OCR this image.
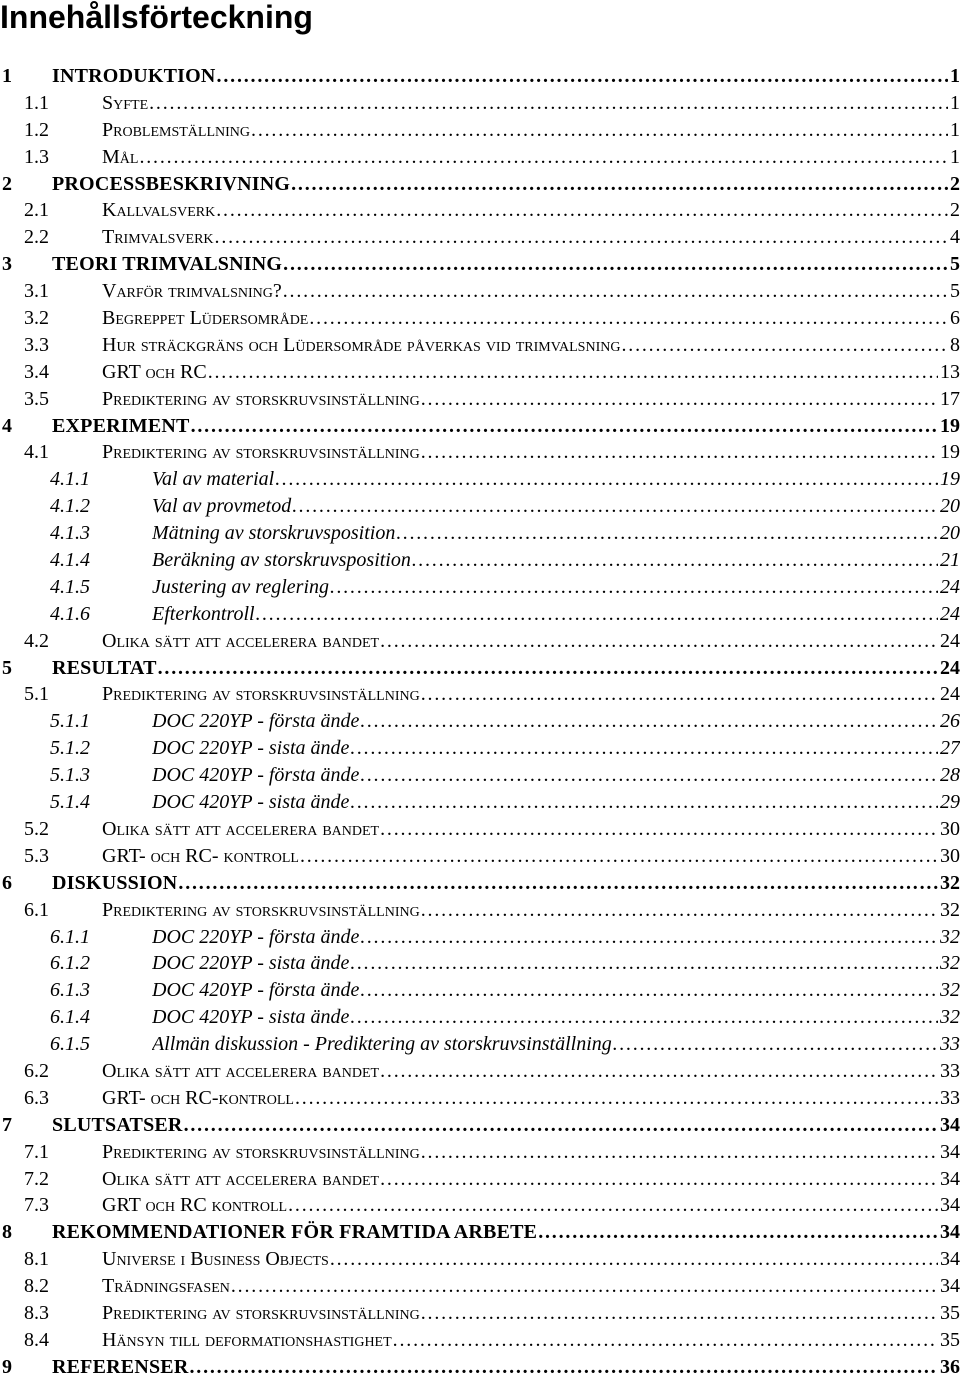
Innehållsförteckning
1 INTRODUKTION . . .	1
1.1	Syfte . . .	1
1.2	Problemställning . . .	1
1.3	Mål . . .	1
2 PROCESSBESKRIVNING . . .	2
2.1	Kallvalsverk . . .	2
2.2	Trimvalsverk . . .	4
3 TEORI TRIMVALSNING . . .	5
3.1	Varför trimvalsning? . . .	5
3.2	Begreppet Lüdersområde . . .	6
3.3	Hur sträckgräns och Lüdersområde påverkas vid trimvalsning . . .	8
3.4	GRT och RC . . .	13
3.5	Prediktering av storskruvsinställning . . .	17
4 EXPERIMENT . . .	19
4.1	Prediktering av storskruvsinställning . . .	19
4.1.1	Val av material . . .	19
4.1.2	Val av provmetod . . .	20
4.1.3	Mätning av storskruvsposition . . .	20
4.1.4	Beräkning av storskruvsposition . . .	21
4.1.5	Justering av reglering . . .	24
4.1.6	Efterkontroll . . .	24
4.2	Olika sätt att accelerera bandet . . .	24
5 RESULTAT . . .	24
5.1	Prediktering av storskruvsinställning . . .	24
5.1.1	DOC 220YP - första ände . . .	26
5.1.2	DOC 220YP - sista ände . . .	27
5.1.3	DOC 420YP - första ände . . .	28
5.1.4	DOC 420YP - sista ände . . .	29
5.2	Olika sätt att accelerera bandet . . .	30
5.3	GRT- och RC- kontroll . . .	30
6 DISKUSSION . . .	32
6.1	Prediktering av storskruvsinställning . . .	32
6.1.1	DOC 220YP - första ände . . .	32
6.1.2	DOC 220YP - sista ände . . .	32
6.1.3	DOC 420YP - första ände . . .	32
6.1.4	DOC 420YP - sista ände . . .	32
6.1.5	Allmän diskussion - Prediktering av storskruvsinställning . . .	33
6.2	Olika sätt att accelerera bandet . . .	33
6.3	GRT- och RC-kontroll . . .	33
7 SLUTSATSER . . .	34
7.1	Prediktering av storskruvsinställning . . .	34
7.2	Olika sätt att accelerera bandet . . .	34
7.3	GRT och RC kontroll . . .	34
8 REKOMMENDATIONER FÖR FRAMTIDA ARBETE . . .	34
8.1	Universe i Business Objects . . .	34
8.2	Trädningsfasen . . .	34
8.3	Prediktering av storskruvsinställning . . .	35
8.4	Hänsyn till deformationshastighet . . .	35
9 REFERENSER . . .	36
